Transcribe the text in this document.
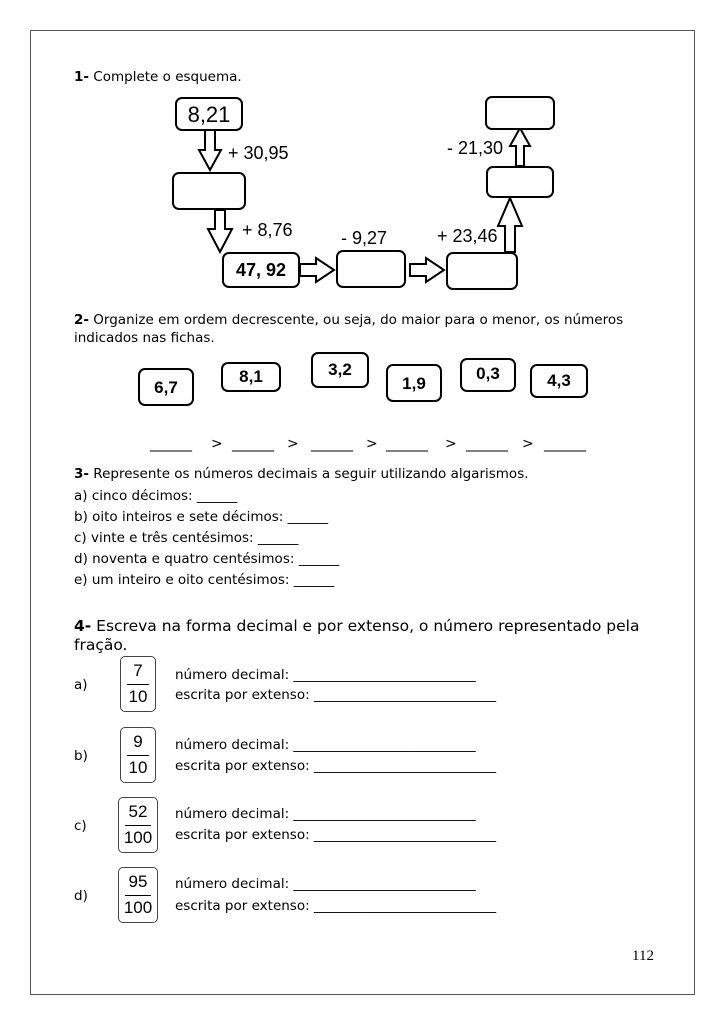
1- Complete o esquema.
8,21
+ 30,95
+ 8,76
47, 92
- 9,27	+ 23,46
- 21,30
2- Organize em ordem decrescente, ou seja, do maior para o menor, os números indicados nas fichas.
6,7
8,1	3,2
1,9
0,3	4,3
______ > ______ > ______ > ______ > ______ > ______
3- Represente os números decimais a seguir utilizando algarismos.
a) cinco décimos: ______
b) oito inteiros e sete décimos: ______
c) vinte e três centésimos: ______
d) noventa e quatro centésimos: ______
e) um inteiro e oito centésimos: ______
4- Escreva na forma decimal e por extenso, o número representado pela fração.
a)
7
10
número decimal: ___________________________
escrita por extenso: ___________________________
b)
9
10
número decimal: ___________________________
escrita por extenso: ___________________________
c)
52
100
número decimal: ___________________________
escrita por extenso: ___________________________
d)
95
100
número decimal: ___________________________
escrita por extenso: ___________________________
112
